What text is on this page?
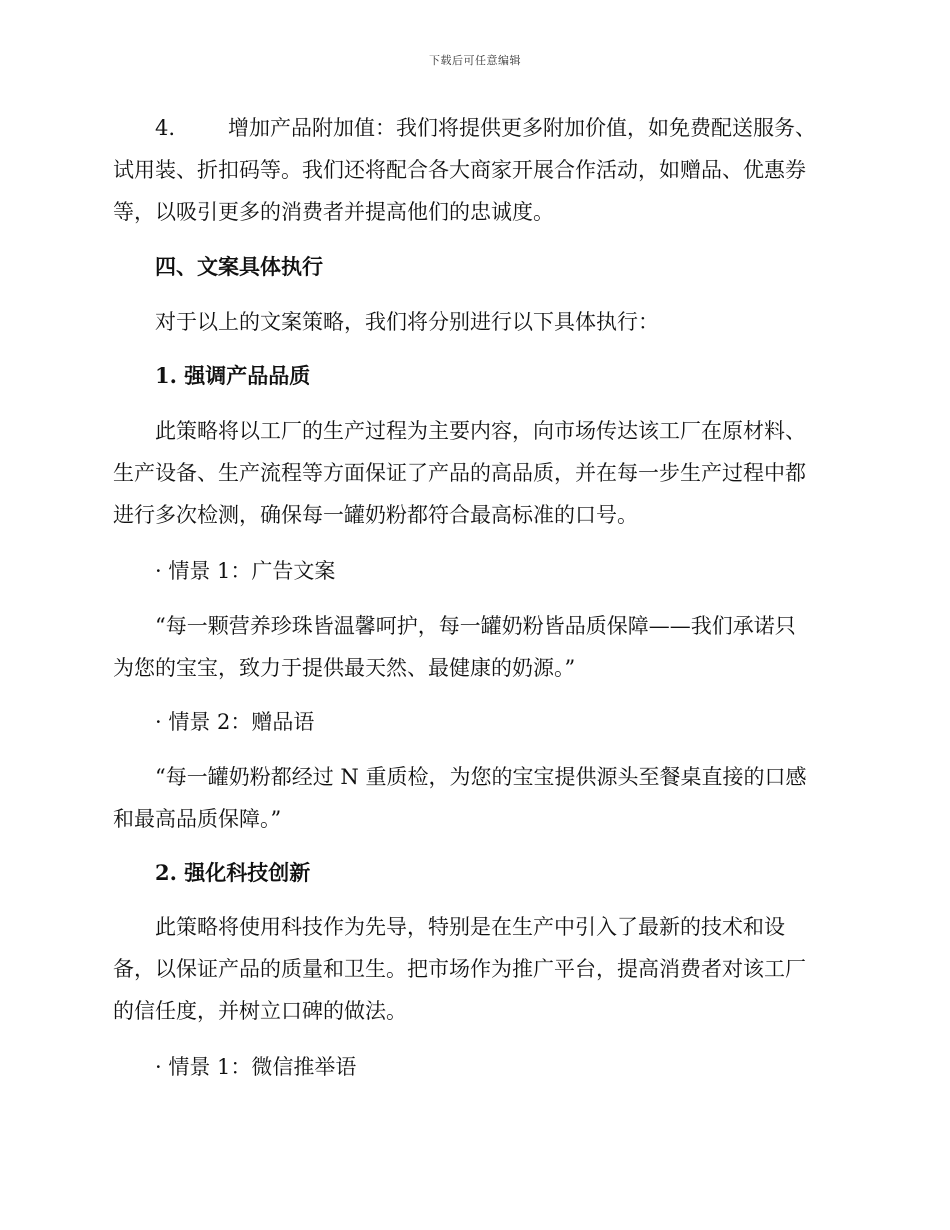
下载后可任意编辑
4.	增加产品附加值：我们将提供更多附加价值，如免费配送服务、
试用装、折扣码等。我们还将配合各大商家开展合作活动，如赠品、优惠券
等，以吸引更多的消费者并提高他们的忠诚度。
四、文案具体执行
对于以上的文案策略，我们将分别进行以下具体执行：
1. 强调产品品质
此策略将以工厂的生产过程为主要内容，向市场传达该工厂在原材料、
生产设备、生产流程等方面保证了产品的高品质，并在每一步生产过程中都
进行多次检测，确保每一罐奶粉都符合最高标准的口号。
· 情景 1：广告文案
“每一颗营养珍珠皆温馨呵护，每一罐奶粉皆品质保障——我们承诺只
为您的宝宝，致力于提供最天然、最健康的奶源。”
· 情景 2：赠品语
“每一罐奶粉都经过 N 重质检，为您的宝宝提供源头至餐桌直接的口感
和最高品质保障。”
2. 强化科技创新
此策略将使用科技作为先导，特别是在生产中引入了最新的技术和设
备，以保证产品的质量和卫生。把市场作为推广平台，提高消费者对该工厂
的信任度，并树立口碑的做法。
· 情景 1：微信推举语
